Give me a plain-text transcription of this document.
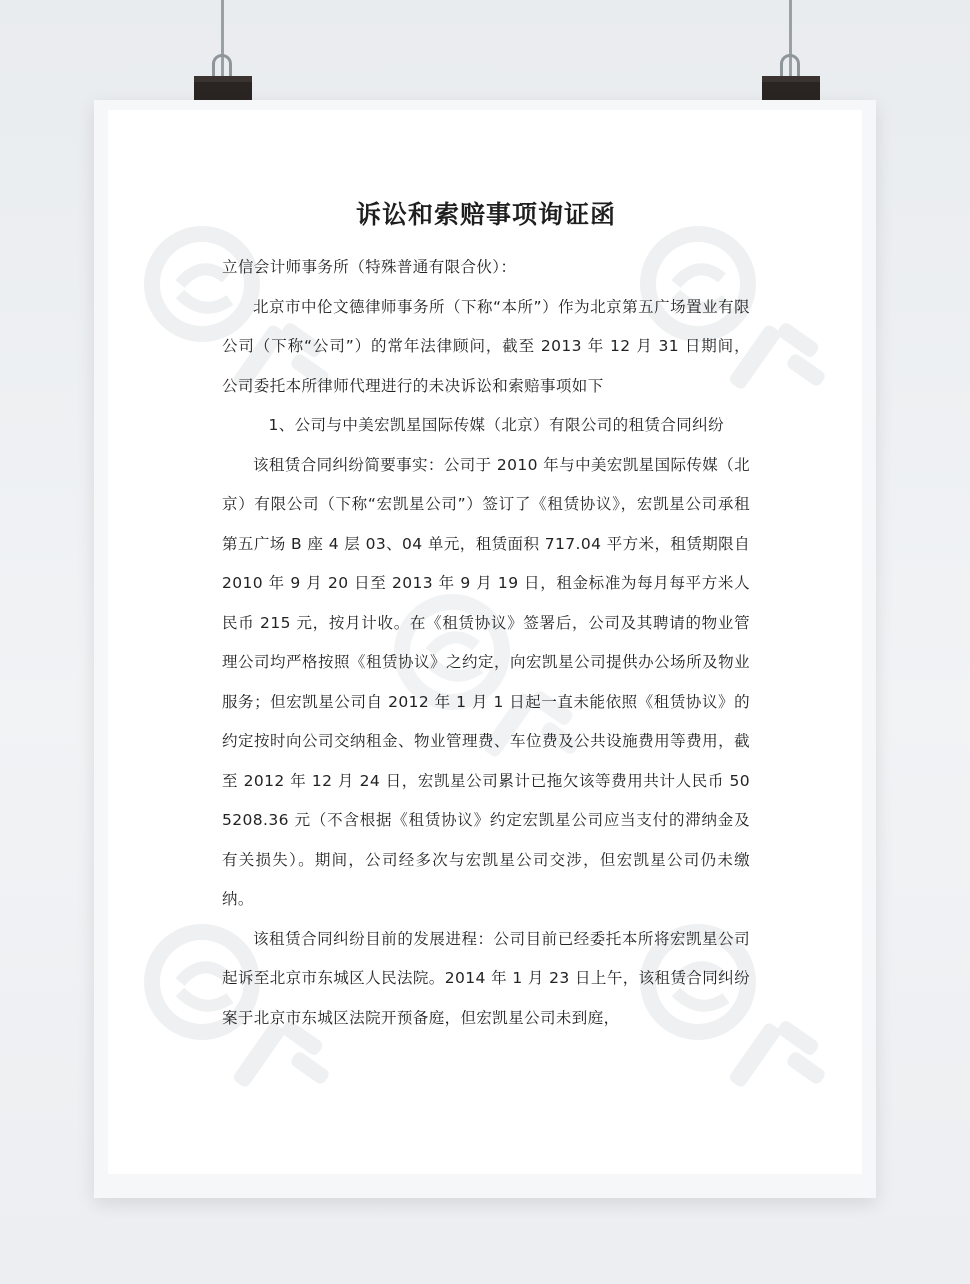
诉讼和索赔事项询证函

立信会计师事务所（特殊普通有限合伙）：

北京市中伦文德律师事务所（下称“本所”）作为北京第五广场置业有限公司（下称“公司”）的常年法律顾问，截至 2013 年 12 月 31 日期间，公司委托本所律师代理进行的未决诉讼和索赔事项如下

1、公司与中美宏凯星国际传媒（北京）有限公司的租赁合同纠纷

该租赁合同纠纷简要事实：公司于 2010 年与中美宏凯星国际传媒（北京）有限公司（下称“宏凯星公司”）签订了《租赁协议》，宏凯星公司承租第五广场 B 座 4 层 03、04 单元，租赁面积 717.04 平方米，租赁期限自 2010 年 9 月 20 日至 2013 年 9 月 19 日，租金标准为每月每平方米人民币 215 元，按月计收。在《租赁协议》签署后，公司及其聘请的物业管理公司均严格按照《租赁协议》之约定，向宏凯星公司提供办公场所及物业服务；但宏凯星公司自 2012 年 1 月 1 日起一直未能依照《租赁协议》的约定按时向公司交纳租金、物业管理费、车位费及公共设施费用等费用，截至 2012 年 12 月 24 日，宏凯星公司累计已拖欠该等费用共计人民币 505208.36 元（不含根据《租赁协议》约定宏凯星公司应当支付的滞纳金及有关损失）。期间，公司经多次与宏凯星公司交涉，但宏凯星公司仍未缴纳。

该租赁合同纠纷目前的发展进程：公司目前已经委托本所将宏凯星公司起诉至北京市东城区人民法院。2014 年 1 月 23 日上午，该租赁合同纠纷案于北京市东城区法院开预备庭，但宏凯星公司未到庭，
